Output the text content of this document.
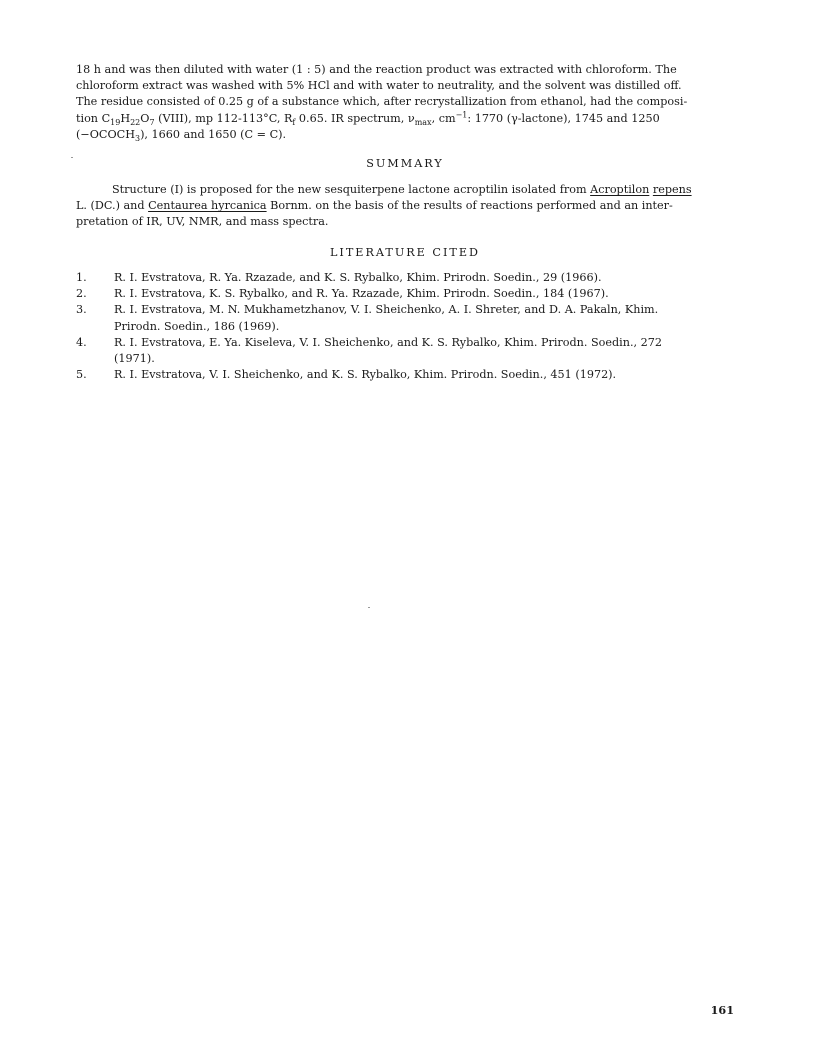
18 h and was then diluted with water (1 : 5) and the reaction product was extracted with chloroform. The
chloroform extract was washed with 5% HCl and with water to neutrality, and the solvent was distilled off.
The residue consisted of 0.25 g of a substance which, after recrystallization from ethanol, had the composi-
tion $C_{19}H_{22}O_7$ (VIII), mp 112-113°C, $R_f$ 0.65. IR spectrum, $\nu_{max}$, $cm^{-1}$: 1770 (γ-lactone), 1745 and 1250
$(-OCOCH_3)$, 1660 and 1650 (C = C).
SUMMARY
Structure (I) is proposed for the new sesquiterpene lactone acroptilin isolated from Acroptilon repens
L. (DC.) and Centaurea hyrcanica Bornm. on the basis of the results of reactions performed and an inter-
pretation of IR, UV, NMR, and mass spectra.
LITERATURE CITED
1. R. I. Evstratova, R. Ya. Rzazade, and K. S. Rybalko, Khim. Prirodn. Soedin., 29 (1966).
2. R. I. Evstratova, K. S. Rybalko, and R. Ya. Rzazade, Khim. Prirodn. Soedin., 184 (1967).
3. R. I. Evstratova, M. N. Mukhametzhanov, V. I. Sheichenko, A. I. Shreter, and D. A. Pakaln, Khim.
Prirodn. Soedin., 186 (1969).
4. R. I. Evstratova, E. Ya. Kiseleva, V. I. Sheichenko, and K. S. Rybalko, Khim. Prirodn. Soedin., 272
(1971).
5. R. I. Evstratova, V. I. Sheichenko, and K. S. Rybalko, Khim. Prirodn. Soedin., 451 (1972).
161
